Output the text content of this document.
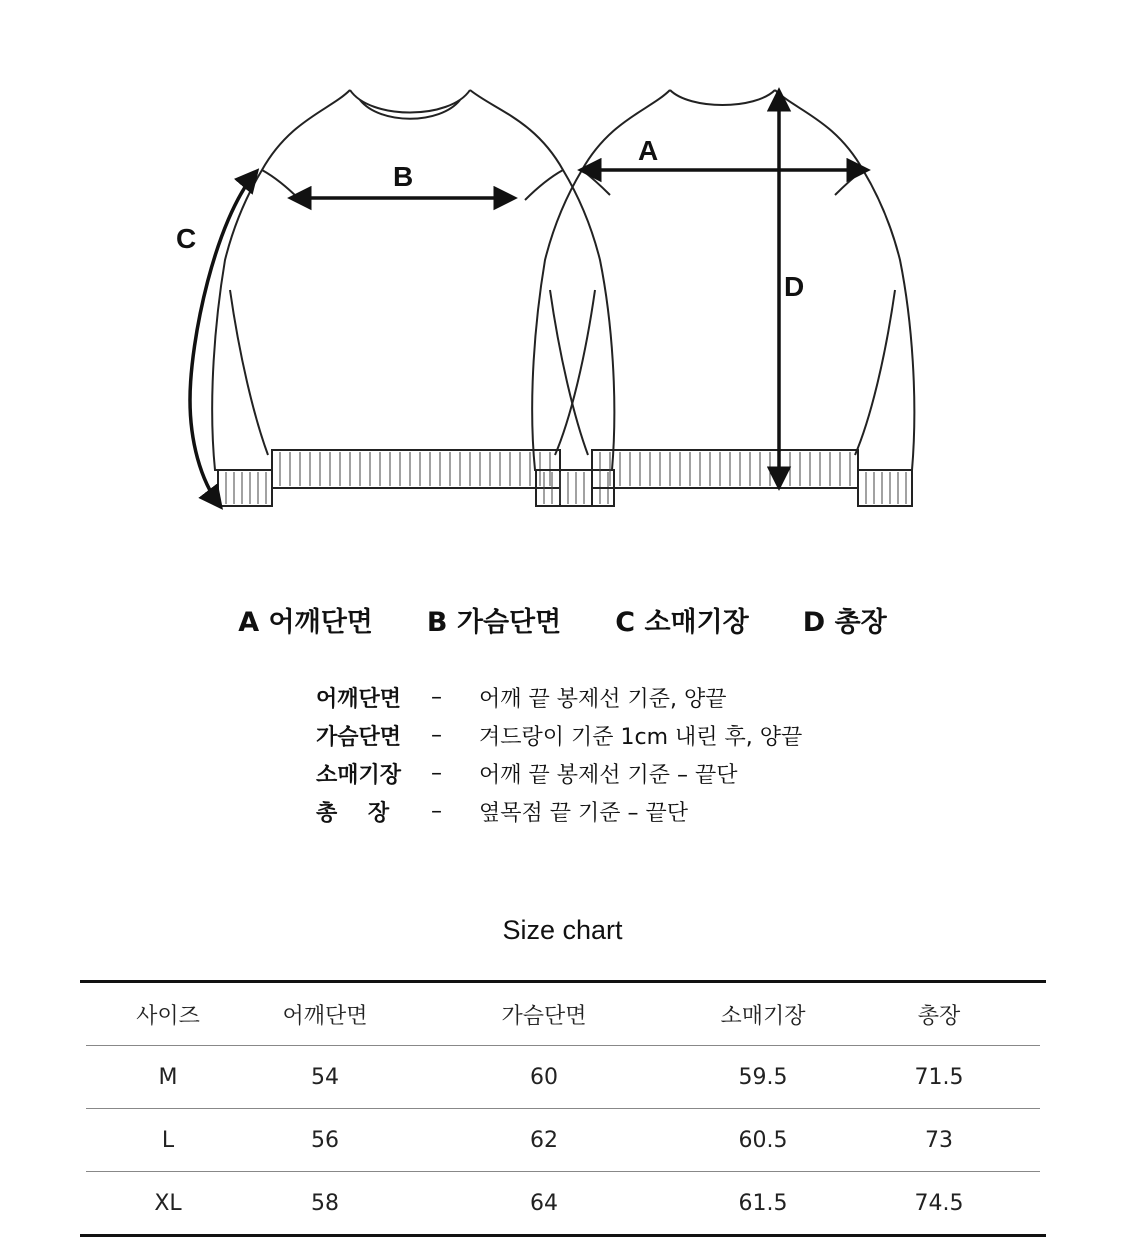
B
C
A
D
A 어깨단면 B 가슴단면 C 소매기장 D 총장
어깨단면	–	어깨 끝 봉제선 기준, 양끝
가슴단면	–	겨드랑이 기준 1cm 내린 후, 양끝
소매기장	–	어깨 끝 봉제선 기준 – 끝단
총    장	–	옆목점 끝 기준 – 끝단
Size chart
사이즈	어깨단면	가슴단면	소매기장	총장
M	54	60	59.5	71.5
L	56	62	60.5	73
XL	58	64	61.5	74.5
